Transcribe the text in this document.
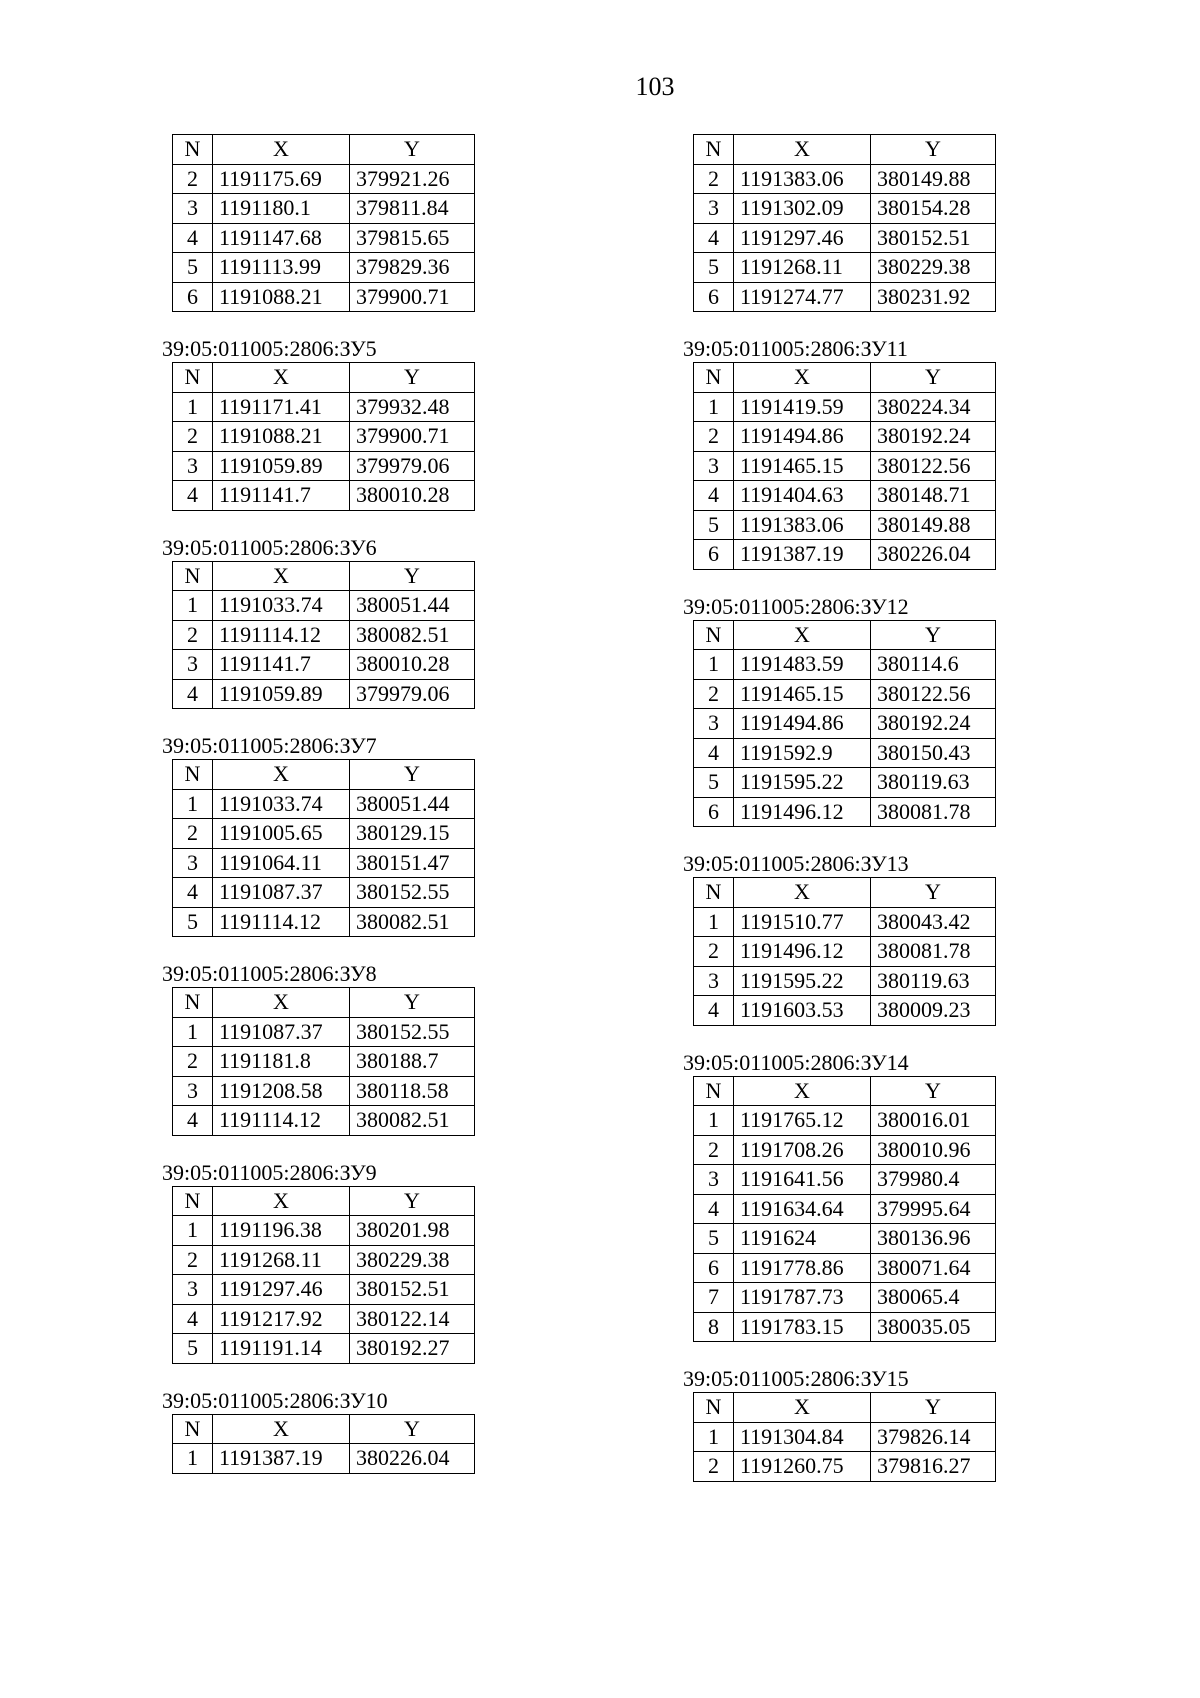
103
N	X	Y
2	1191175.69	379921.26
3	1191180.1	379811.84
4	1191147.68	379815.65
5	1191113.99	379829.36
6	1191088.21	379900.71
39:05:011005:2806:ЗУ5
N	X	Y
1	1191171.41	379932.48
2	1191088.21	379900.71
3	1191059.89	379979.06
4	1191141.7	380010.28
39:05:011005:2806:ЗУ6
N	X	Y
1	1191033.74	380051.44
2	1191114.12	380082.51
3	1191141.7	380010.28
4	1191059.89	379979.06
39:05:011005:2806:ЗУ7
N	X	Y
1	1191033.74	380051.44
2	1191005.65	380129.15
3	1191064.11	380151.47
4	1191087.37	380152.55
5	1191114.12	380082.51
39:05:011005:2806:ЗУ8
N	X	Y
1	1191087.37	380152.55
2	1191181.8	380188.7
3	1191208.58	380118.58
4	1191114.12	380082.51
39:05:011005:2806:ЗУ9
N	X	Y
1	1191196.38	380201.98
2	1191268.11	380229.38
3	1191297.46	380152.51
4	1191217.92	380122.14
5	1191191.14	380192.27
39:05:011005:2806:ЗУ10
N	X	Y
1	1191387.19	380226.04
N	X	Y
2	1191383.06	380149.88
3	1191302.09	380154.28
4	1191297.46	380152.51
5	1191268.11	380229.38
6	1191274.77	380231.92
39:05:011005:2806:ЗУ11
N	X	Y
1	1191419.59	380224.34
2	1191494.86	380192.24
3	1191465.15	380122.56
4	1191404.63	380148.71
5	1191383.06	380149.88
6	1191387.19	380226.04
39:05:011005:2806:ЗУ12
N	X	Y
1	1191483.59	380114.6
2	1191465.15	380122.56
3	1191494.86	380192.24
4	1191592.9	380150.43
5	1191595.22	380119.63
6	1191496.12	380081.78
39:05:011005:2806:ЗУ13
N	X	Y
1	1191510.77	380043.42
2	1191496.12	380081.78
3	1191595.22	380119.63
4	1191603.53	380009.23
39:05:011005:2806:ЗУ14
N	X	Y
1	1191765.12	380016.01
2	1191708.26	380010.96
3	1191641.56	379980.4
4	1191634.64	379995.64
5	1191624	380136.96
6	1191778.86	380071.64
7	1191787.73	380065.4
8	1191783.15	380035.05
39:05:011005:2806:ЗУ15
N	X	Y
1	1191304.84	379826.14
2	1191260.75	379816.27
